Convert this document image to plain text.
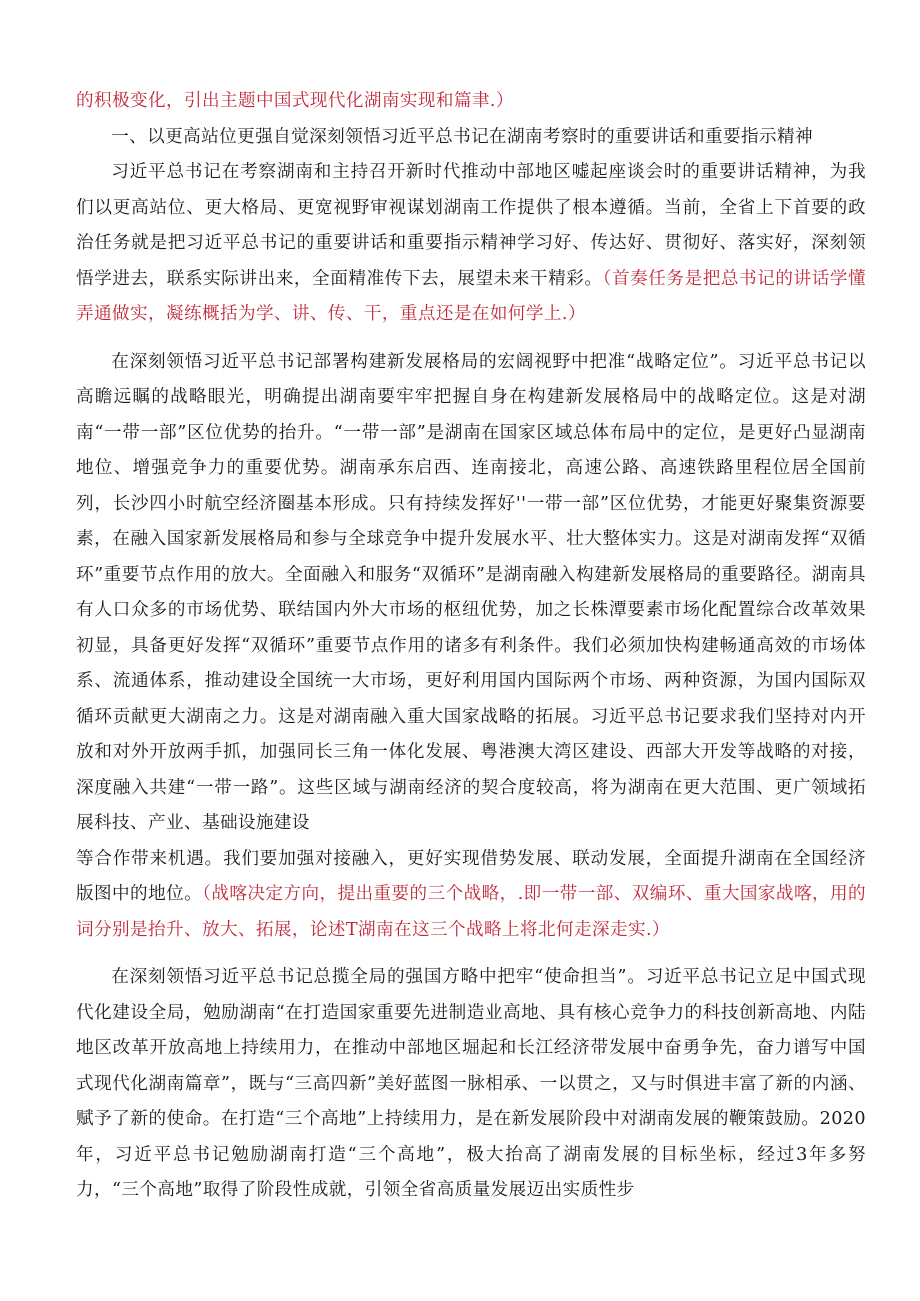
的积极变化，引出主题中国式现代化湖南实现和篇聿.）

一、以更高站位更强自觉深刻领悟习近平总书记在湖南考察时的重要讲话和重要指示精神

习近平总书记在考察湖南和主持召开新时代推动中部地区嘘起座谈会时的重要讲话精神，为我们以更高站位、更大格局、更宽视野审视谋划湖南工作提供了根本遵循。当前，全省上下首要的政治任务就是把习近平总书记的重要讲话和重要指示精神学习好、传达好、贯彻好、落实好，深刻领悟学进去，联系实际讲出来，全面精准传下去，展望未来干精彩。（首奏任务是把总书记的讲话学懂弄通做实，凝练概括为学、讲、传、干，重点还是在如何学上.）

在深刻领悟习近平总书记部署构建新发展格局的宏阔视野中把准“战略定位”。习近平总书记以高瞻远瞩的战略眼光，明确提出湖南要牢牢把握自身在构建新发展格局中的战略定位。这是对湖南“一带一部”区位优势的抬升。“一带一部”是湖南在国家区域总体布局中的定位，是更好凸显湖南地位、增强竞争力的重要优势。湖南承东启西、连南接北，高速公路、高速铁路里程位居全国前列，长沙四小时航空经济圈基本形成。只有持续发挥好''一带一部”区位优势，才能更好聚集资源要素，在融入国家新发展格局和参与全球竞争中提升发展水平、壮大整体实力。这是对湖南发挥“双循环”重要节点作用的放大。全面融入和服务“双循环”是湖南融入构建新发展格局的重要路径。湖南具有人口众多的市场优势、联结国内外大市场的枢纽优势，加之长株潭要素市场化配置综合改革效果初显，具备更好发挥“双循环”重要节点作用的诸多有利条件。我们必须加快构建畅通高效的市场体系、流通体系，推动建设全国统一大市场，更好利用国内国际两个市场、两种资源，为国内国际双循环贡献更大湖南之力。这是对湖南融入重大国家战略的拓展。习近平总书记要求我们坚持对内开放和对外开放两手抓，加强同长三角一体化发展、粤港澳大湾区建设、西部大开发等战略的对接，深度融入共建“一带一路”。这些区域与湖南经济的契合度较高，将为湖南在更大范围、更广领域拓展科技、产业、基础设施建设

等合作带来机遇。我们要加强对接融入，更好实现借势发展、联动发展，全面提升湖南在全国经济版图中的地位。（战喀决定方向，提出重要的三个战略，.即一带一部、双编环、重大国家战喀，用的词分别是抬升、放大、拓展，论述T湖南在这三个战略上将北何走深走实.）

在深刻领悟习近平总书记总揽全局的强国方略中把牢“使命担当”。习近平总书记立足中国式现代化建设全局，勉励湖南“在打造国家重要先进制造业高地、具有核心竞争力的科技创新高地、内陆地区改革开放高地上持续用力，在推动中部地区堀起和长江经济带发展中奋勇争先，奋力谱写中国式现代化湖南篇章”，既与“三高四新”美好蓝图一脉相承、一以贯之，又与时俱进丰富了新的内涵、赋予了新的使命。在打造“三个高地”上持续用力，是在新发展阶段中对湖南发展的鞭策鼓励。2020年，习近平总书记勉励湖南打造“三个高地”，极大抬高了湖南发展的目标坐标，经过3年多努力，“三个高地”取得了阶段性成就，引领全省高质量发展迈出实质性步
